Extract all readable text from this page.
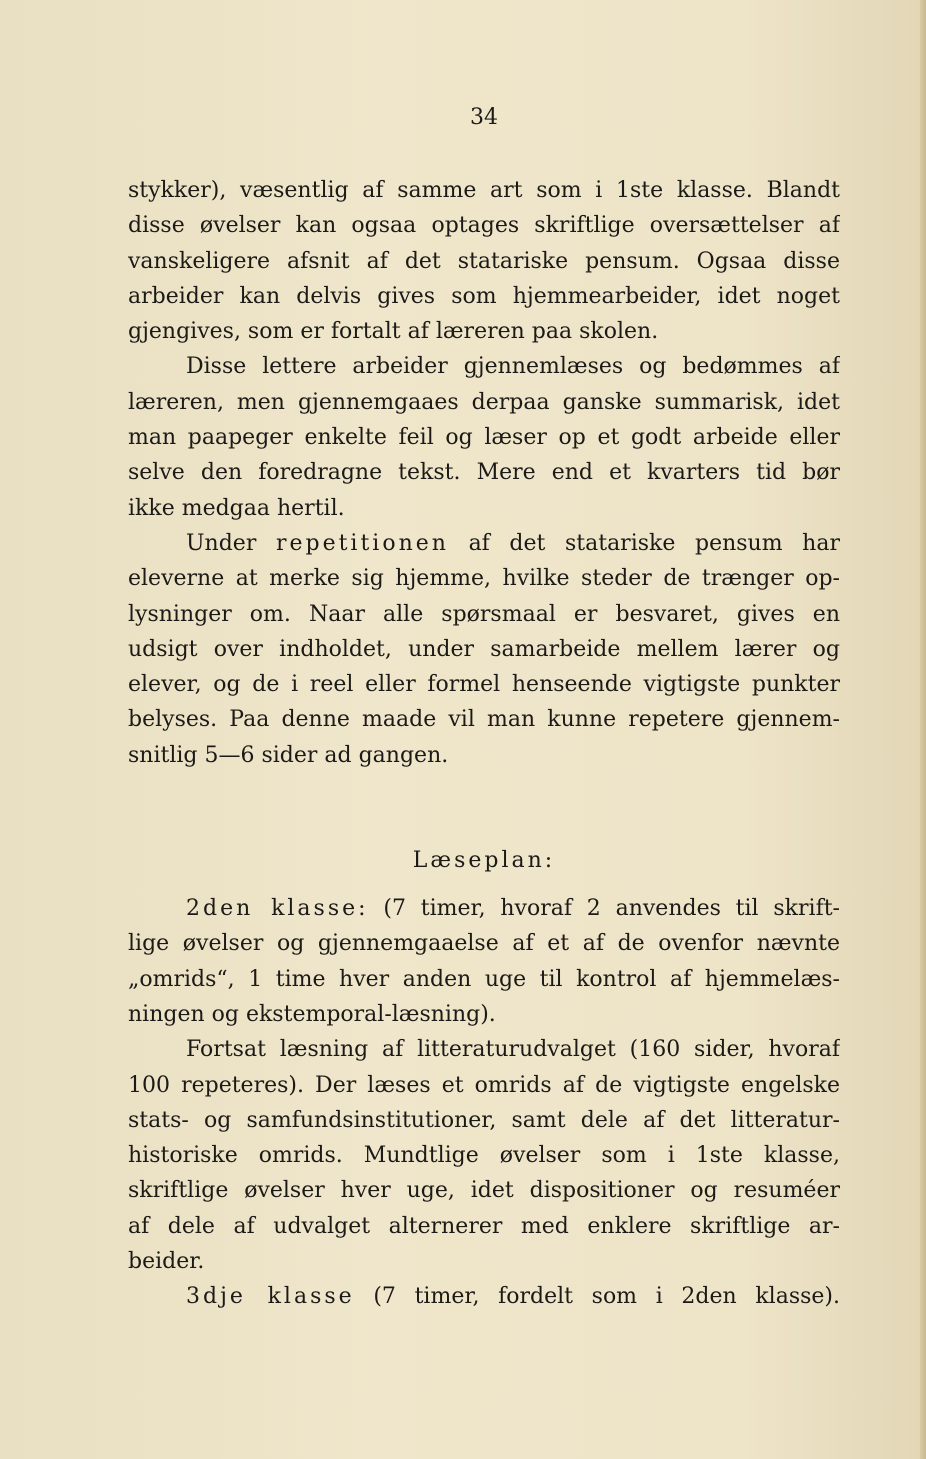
34
stykker), væsentlig af samme art som i 1ste klasse. Blandt
disse øvelser kan ogsaa optages skriftlige oversættelser af
vanskeligere afsnit af det statariske pensum. Ogsaa disse
arbeider kan delvis gives som hjemmearbeider, idet noget
gjengives, som er fortalt af læreren paa skolen.
Disse lettere arbeider gjennemlæses og bedømmes af
læreren, men gjennemgaaes derpaa ganske summarisk, idet
man paapeger enkelte feil og læser op et godt arbeide eller
selve den foredragne tekst. Mere end et kvarters tid bør
ikke medgaa hertil.
Under repetitionen af det statariske pensum har
eleverne at merke sig hjemme, hvilke steder de trænger op-
lysninger om. Naar alle spørsmaal er besvaret, gives en
udsigt over indholdet, under samarbeide mellem lærer og
elever, og de i reel eller formel henseende vigtigste punkter
belyses. Paa denne maade vil man kunne repetere gjennem-
snitlig 5—6 sider ad gangen.
Læseplan:
2den klasse: (7 timer, hvoraf 2 anvendes til skrift-
lige øvelser og gjennemgaaelse af et af de ovenfor nævnte
„omrids“, 1 time hver anden uge til kontrol af hjemmelæs-
ningen og ekstemporal-læsning).
Fortsat læsning af litteraturudvalget (160 sider, hvoraf
100 repeteres). Der læses et omrids af de vigtigste engelske
stats- og samfundsinstitutioner, samt dele af det litteratur-
historiske omrids. Mundtlige øvelser som i 1ste klasse,
skriftlige øvelser hver uge, idet dispositioner og resuméer
af dele af udvalget alternerer med enklere skriftlige ar-
beider.
3dje klasse (7 timer, fordelt som i 2den klasse).
